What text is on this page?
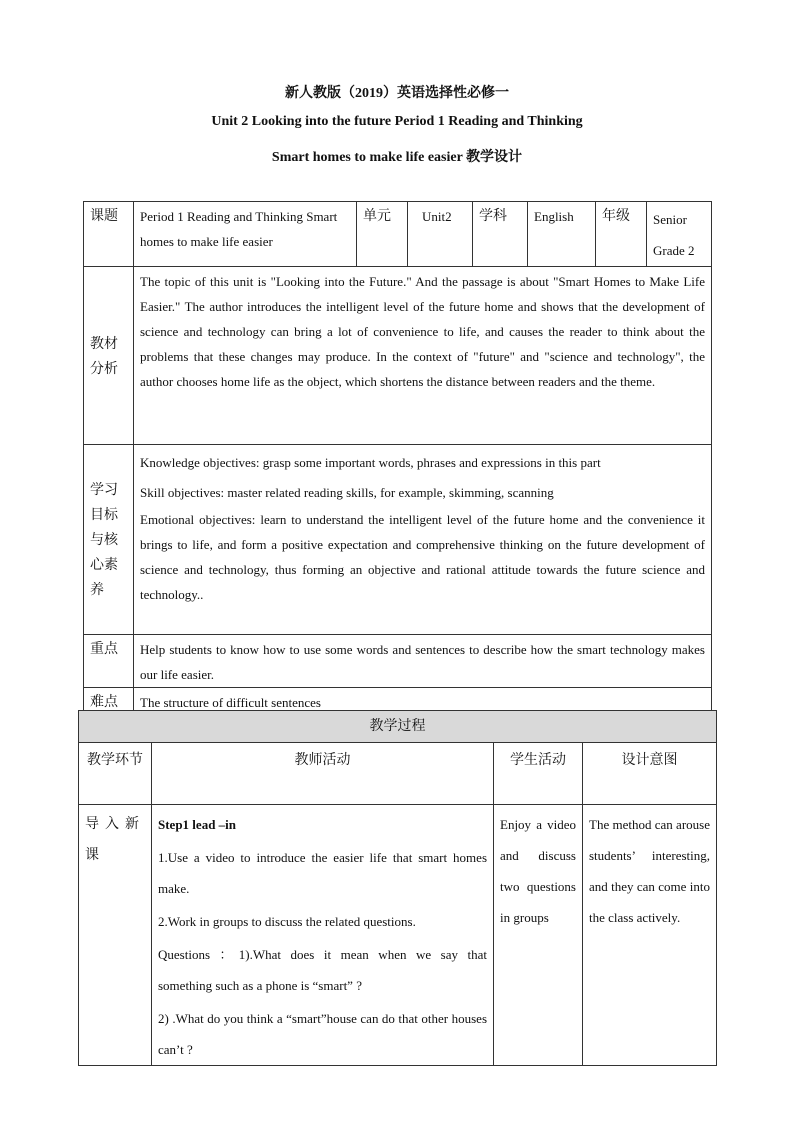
新人教版（2019）英语选择性必修一
Unit 2 Looking into the future Period 1 Reading and Thinking
Smart homes to make life easier 教学设计
课题	Period 1 Reading and Thinking Smart homes to make life easier	单元	Unit2	学科	English	年级	Senior Grade 2

教材分析	The topic of this unit is "Looking into the Future." And the passage is about "Smart Homes to Make Life Easier." The author introduces the intelligent level of the future home and shows that the development of science and technology can bring a lot of convenience to life, and causes the reader to think about the problems that these changes may produce. In the context of "future" and "science and technology", the author chooses home life as the object, which shortens the distance between readers and the theme.						

学习目标与核心素养	Knowledge objectives: grasp some important words, phrases and expressions in this part
Skill objectives: master related reading skills, for example, skimming, scanning
Emotional objectives: learn to understand the intelligent level of the future home and the convenience it brings to life, and form a positive expectation and comprehensive thinking on the future development of science and technology, thus forming an objective and rational attitude towards the future science and technology..						

重点	Help students to know how to use some words and sentences to describe how the smart technology makes our life easier.						

难点	The structure of difficult sentences						
教学过程			

教学环节	教师活动	学生活动	设计意图

导入新课	Step1 lead –in
1.Use a video to introduce the easier life that smart homes make.
2.Work in groups to discuss the related questions.
Questions ：1).What does it mean when we say that something such as a phone is “smart” ?
2) .What do you think a “smart”house can do that other houses can’t ?	Enjoy a video and discuss two questions in groups	The method can arouse students’ interesting, and they can come into the class actively.
